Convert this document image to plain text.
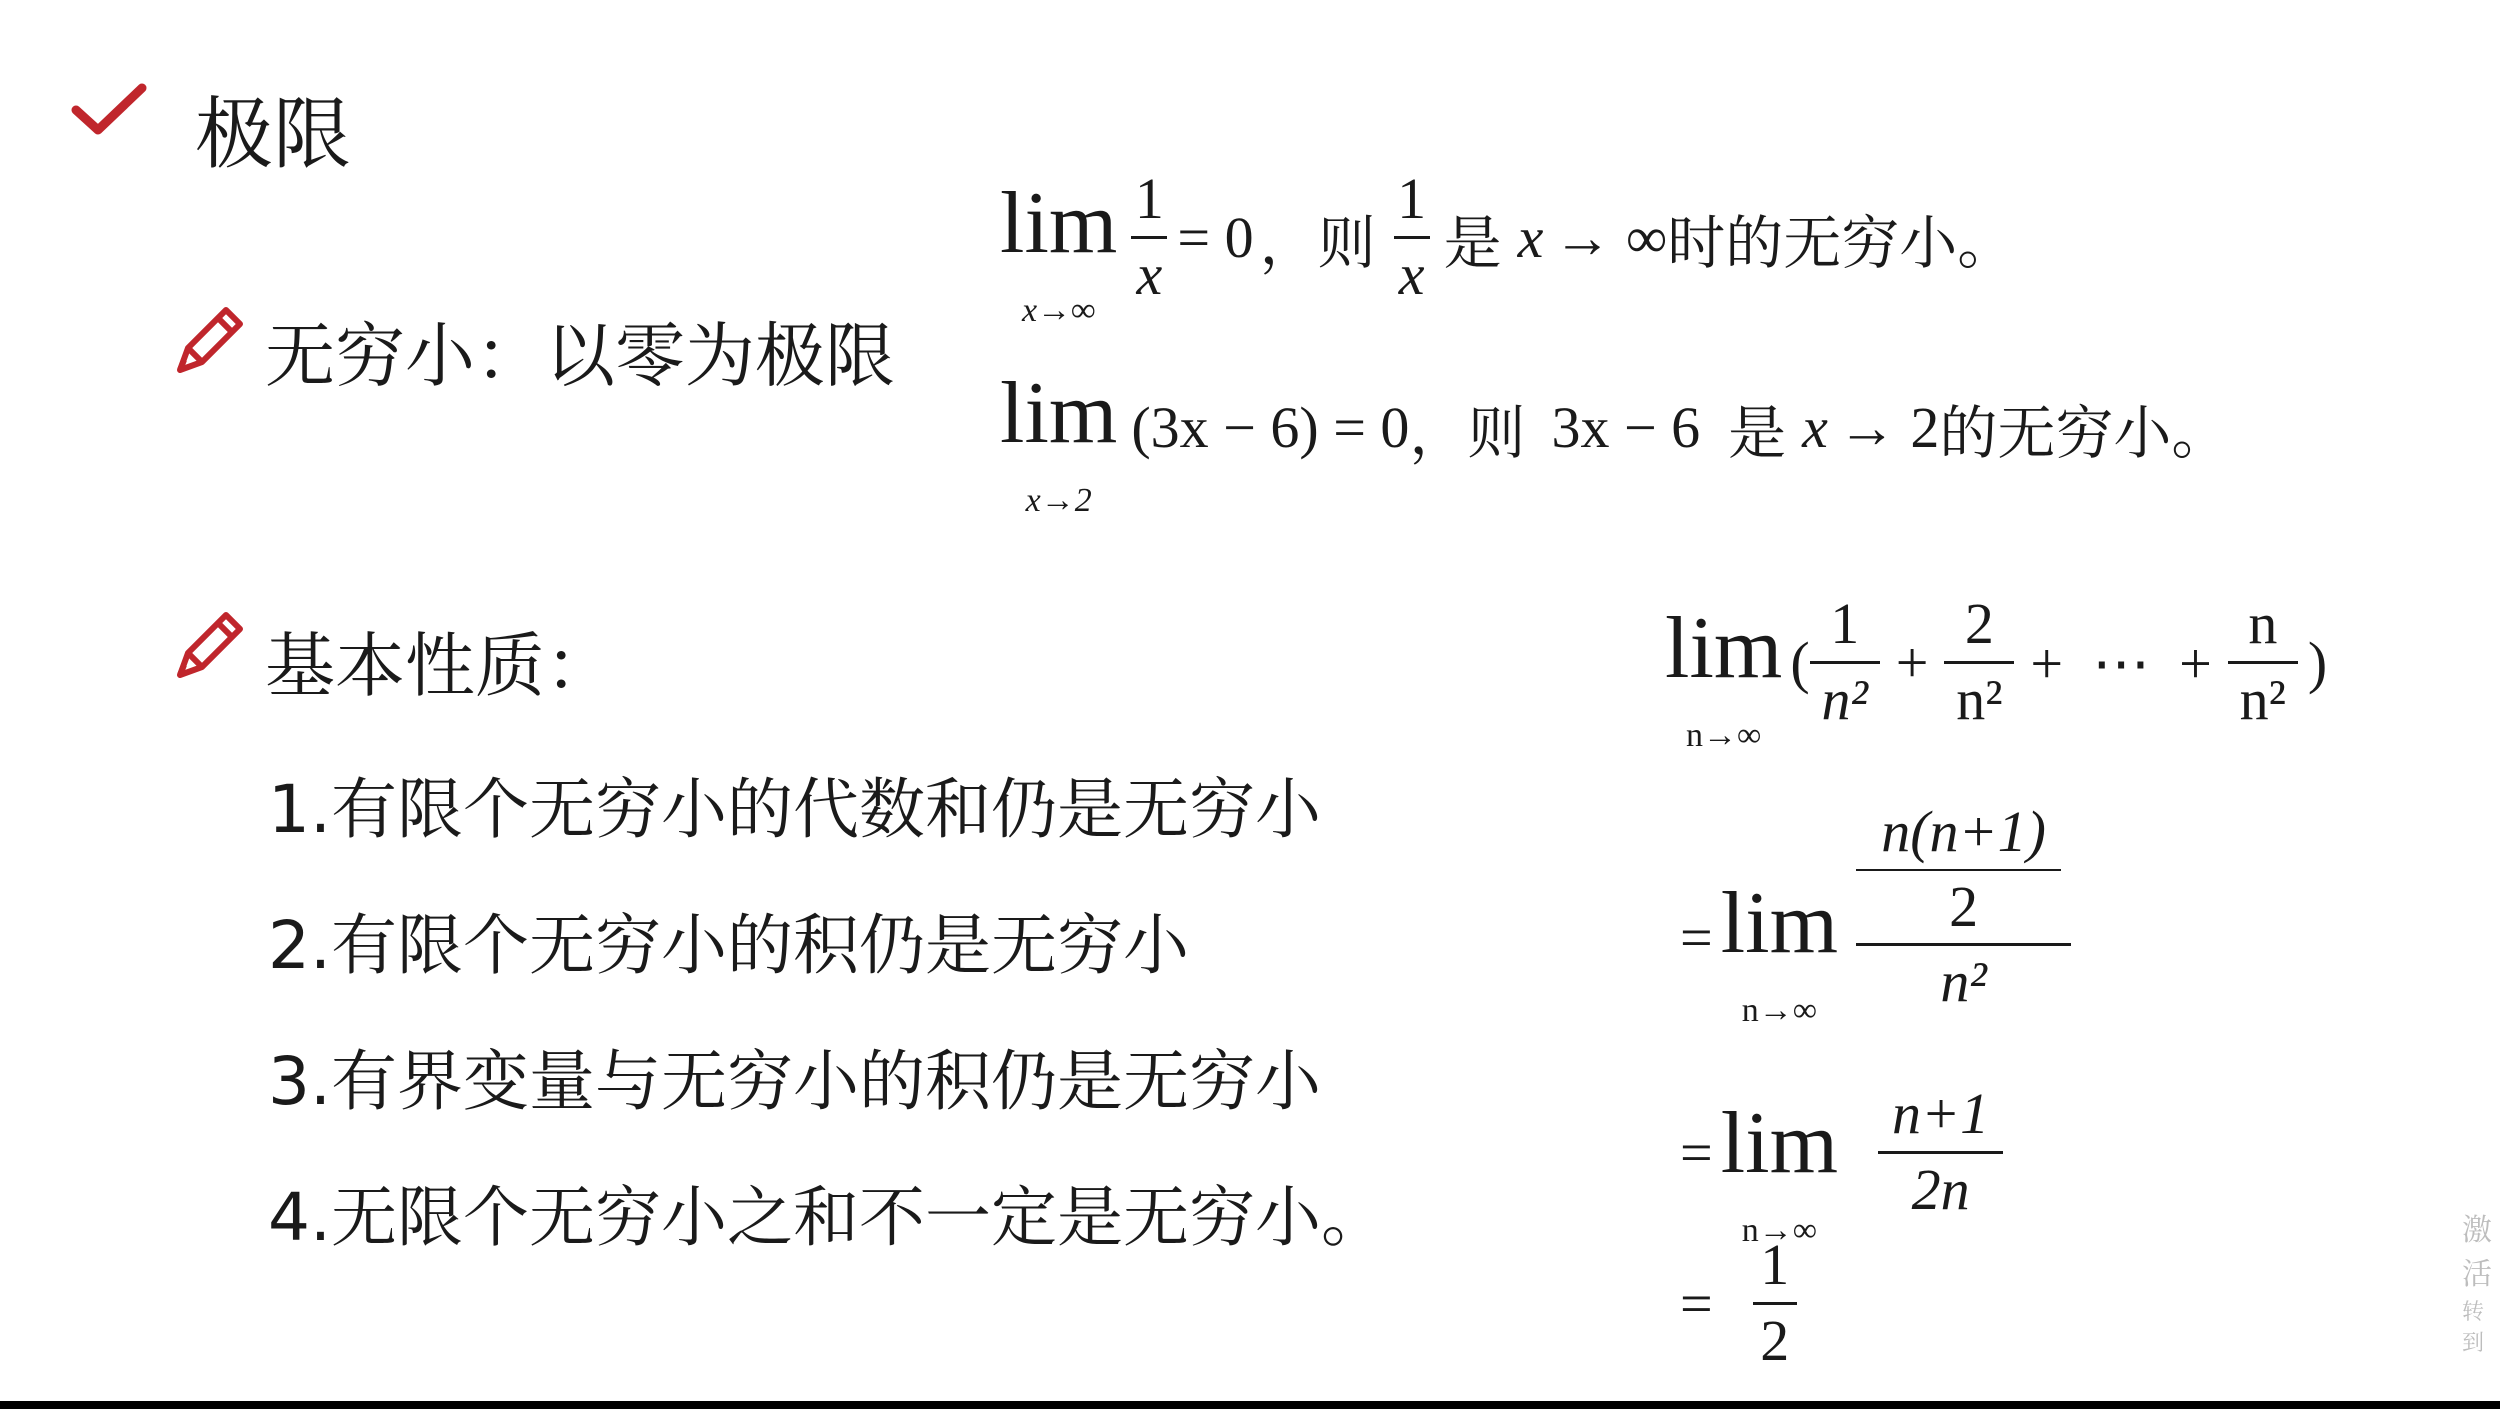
极限
无穷小：以零为极限
lim
x→∞
$\frac{1}{x} = 0$ ，则 $\frac{1}{x}$ 是 x → ∞ 时的无穷小。
lim
x→2
(3x − 6) = 0 ，则 3x − 6 是 x → 2 的无穷小。
基本性质：
1.有限个无穷小的代数和仍是无穷小
2.有限个无穷小的积仍是无穷小
3.有界变量与无穷小的积仍是无穷小
4.无限个无穷小之和不一定是无穷小。
lim
n→∞
( $\frac{1}{\text{n²}} + \frac{2}{\text{n²}}$ +  ⋯  + $\frac{n}{\text{n²}}$ )
= lim
n→∞
n(n+1)
2
n²
= lim
n→∞
$\frac{n+1}{2n}$
= $\frac{1}{2}$
激活
转到
